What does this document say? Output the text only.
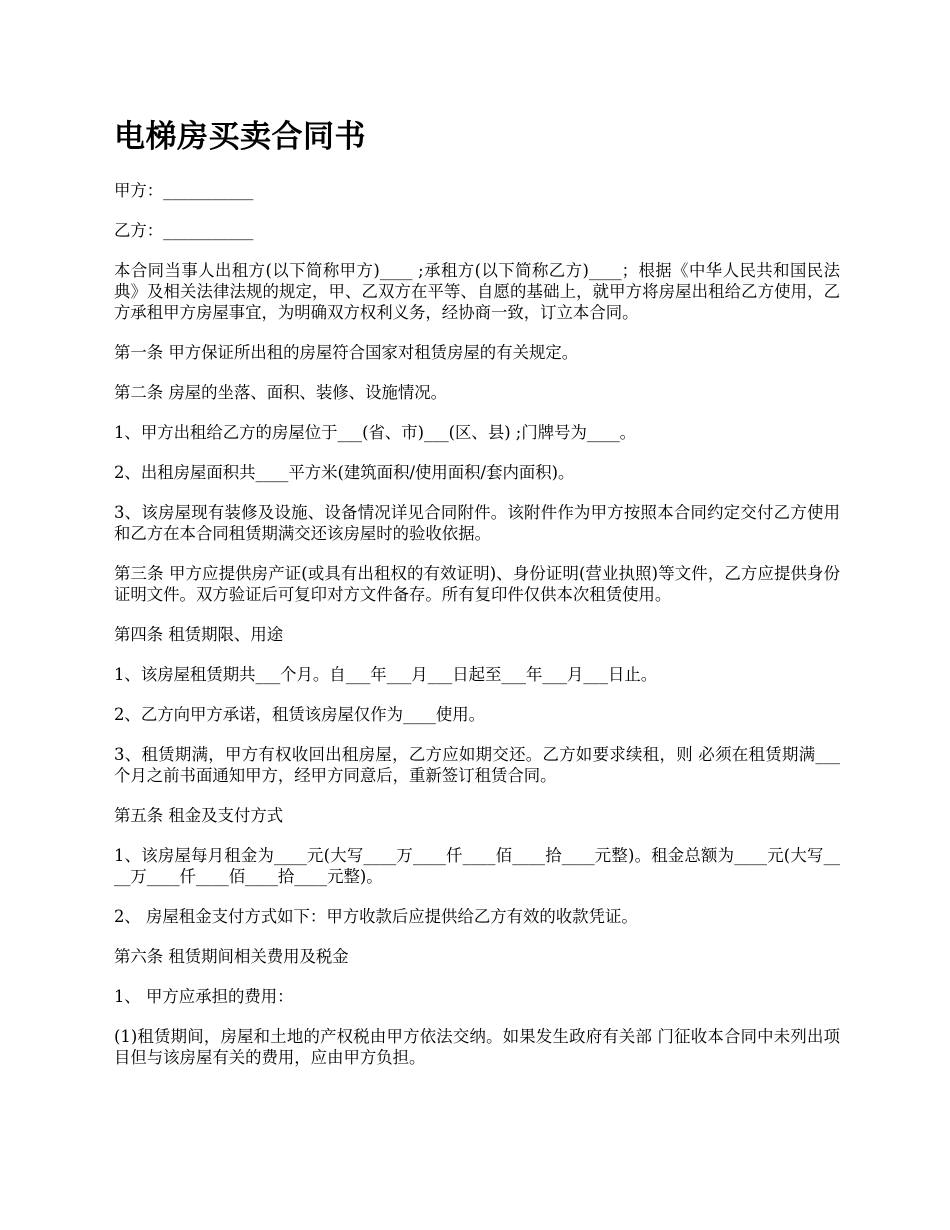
电梯房买卖合同书

甲方：___________

乙方：___________

本合同当事人出租方(以下简称甲方)____ ;承租方(以下简称乙方)____；根据《中华人民共和国民法典》及相关法律法规的规定，甲、乙双方在平等、自愿的基础上，就甲方将房屋出租给乙方使用，乙方承租甲方房屋事宜，为明确双方权利义务，经协商一致，订立本合同。

第一条 甲方保证所出租的房屋符合国家对租赁房屋的有关规定。

第二条 房屋的坐落、面积、装修、设施情况。

1、甲方出租给乙方的房屋位于___(省、市)___(区、县) ;门牌号为____。

2、出租房屋面积共____平方米(建筑面积/使用面积/套内面积)。

3、该房屋现有装修及设施、设备情况详见合同附件。该附件作为甲方按照本合同约定交付乙方使用和乙方在本合同租赁期满交还该房屋时的验收依据。

第三条 甲方应提供房产证(或具有出租权的有效证明)、身份证明(营业执照)等文件，乙方应提供身份证明文件。双方验证后可复印对方文件备存。所有复印件仅供本次租赁使用。

第四条 租赁期限、用途

1、该房屋租赁期共___个月。自___年___月___日起至___年___月___日止。

2、乙方向甲方承诺，租赁该房屋仅作为____使用。

3、租赁期满，甲方有权收回出租房屋，乙方应如期交还。乙方如要求续租，则 必须在租赁期满___个月之前书面通知甲方，经甲方同意后，重新签订租赁合同。

第五条 租金及支付方式

1、该房屋每月租金为____元(大写____万____仟____佰____拾____元整)。租金总额为____元(大写____万____仟____佰____拾____元整)。

2、 房屋租金支付方式如下：甲方收款后应提供给乙方有效的收款凭证。

第六条 租赁期间相关费用及税金

1、 甲方应承担的费用：

(1)租赁期间，房屋和土地的产权税由甲方依法交纳。如果发生政府有关部 门征收本合同中未列出项目但与该房屋有关的费用，应由甲方负担。
